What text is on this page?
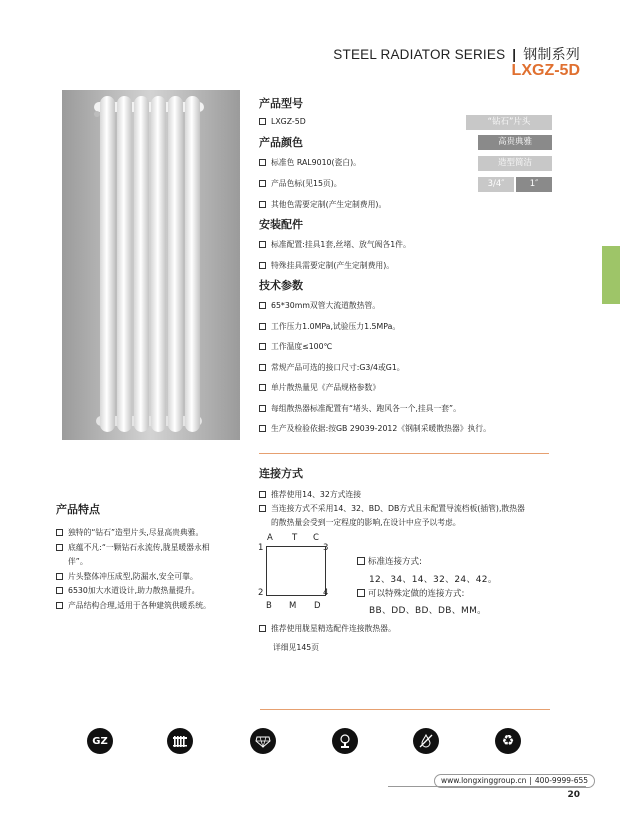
STEEL RADIATOR SERIES | 钢制系列
LXGZ-5D
“钻石”片头
高贵典雅
造型简洁
3/4″	1″
产品型号
LXGZ-5D
产品颜色
标准色 RAL9010(瓷白)。
产品色标(见15页)。
其他色需要定制(产生定制费用)。
安装配件
标准配置:挂具1套,丝堵、放气阀各1件。
特殊挂具需要定制(产生定制费用)。
技术参数
65*30mm双管大流道散热管。
工作压力1.0MPa,试验压力1.5MPa。
工作温度≤100℃
常规产品可选的接口尺寸:G3/4或G1。
单片散热量见《产品规格参数》
每组散热器标准配置有“堵头、跑风各一个,挂具一套”。
生产及检验依据:按GB 29039-2012《钢制采暖散热器》执行。
连接方式
推荐使用14、32方式连接
当连接方式不采用14、32、BD、DB方式且未配置导流档板(插管),散热器
的散热量会受到一定程度的影响,在设计中应予以考虑。
A T C
1	3
2	4
B M D
标准连接方式:
12、34、14、32、24、42。
可以特殊定做的连接方式:
BB、DD、BD、DB、MM。
推荐使用胧星精选配件连接散热器。
详细见145页
产品特点
独特的“钻石”造型片头,尽显高贵典雅。
底蕴不凡:“一颗钻石永流传,胧星暖器永相
伴”。
片头整体冲压成型,防漏水,安全可靠。
6530加大水道设计,助力散热量提升。
产品结构合理,适用于各种建筑供暖系统。
GZ	♻
www.longxinggroup.cn | 400-9999-655
20
